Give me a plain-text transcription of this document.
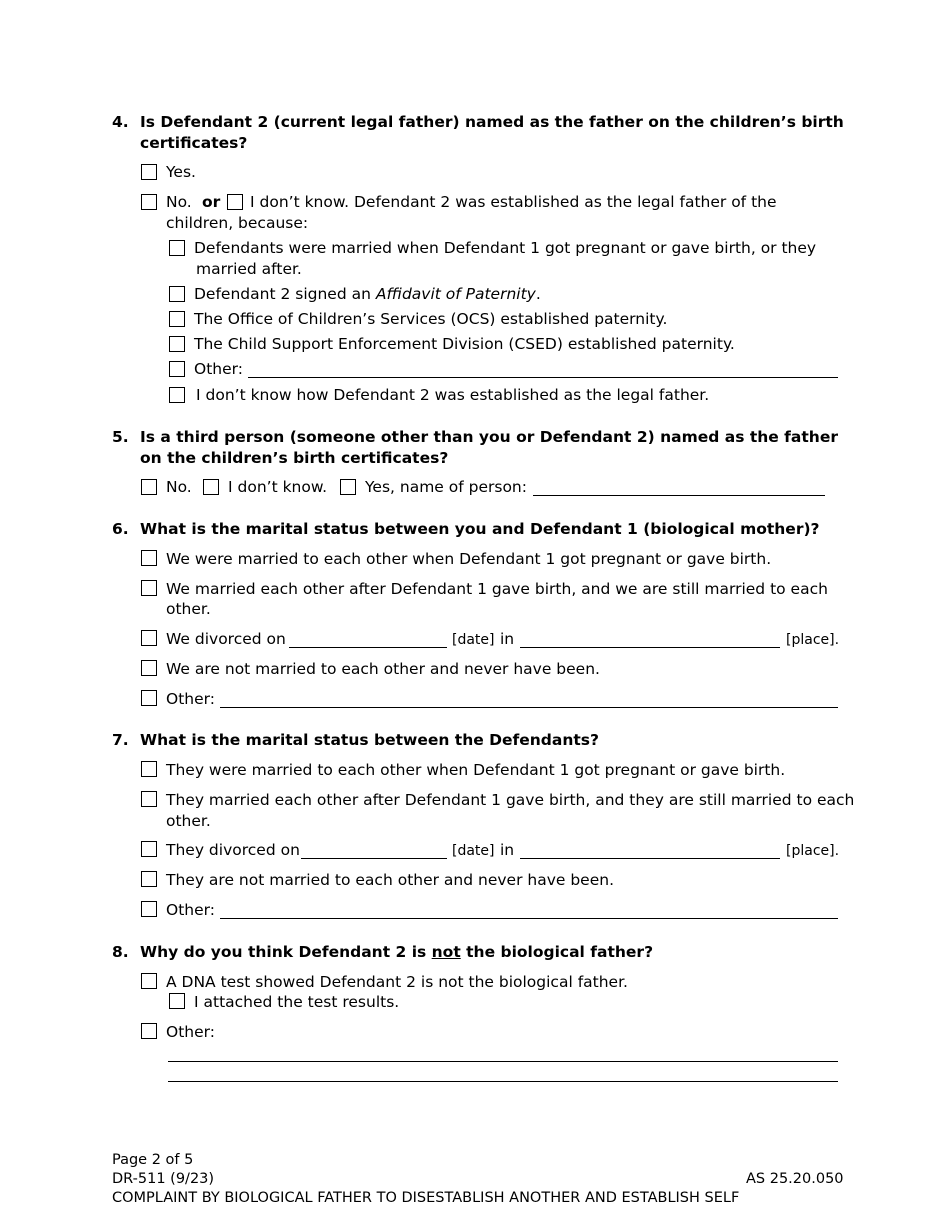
4. Is Defendant 2 (current legal father) named as the father on the children’s birth
certificates?
Yes.
No. or I don’t know. Defendant 2 was established as the legal father of the
children, because:
Defendants were married when Defendant 1 got pregnant or gave birth, or they
married after.
Defendant 2 signed an Affidavit of Paternity.
The Office of Children’s Services (OCS) established paternity.
The Child Support Enforcement Division (CSED) established paternity.
Other:
I don’t know how Defendant 2 was established as the legal father.
5. Is a third person (someone other than you or Defendant 2) named as the father
on the children’s birth certificates?
No. I don’t know. Yes, name of person:
6. What is the marital status between you and Defendant 1 (biological mother)?
We were married to each other when Defendant 1 got pregnant or gave birth.
We married each other after Defendant 1 gave birth, and we are still married to each
other.
We divorced on	[date] in	[place].
We are not married to each other and never have been.
Other:
7. What is the marital status between the Defendants?
They were married to each other when Defendant 1 got pregnant or gave birth.
They married each other after Defendant 1 gave birth, and they are still married to each
other.
They divorced on	[date] in	[place].
They are not married to each other and never have been.
Other:
8. Why do you think Defendant 2 is not the biological father?
A DNA test showed Defendant 2 is not the biological father.
I attached the test results.
Other:
Page 2 of 5
DR-511 (9/23)	AS 25.20.050
COMPLAINT BY BIOLOGICAL FATHER TO DISESTABLISH ANOTHER AND ESTABLISH SELF
